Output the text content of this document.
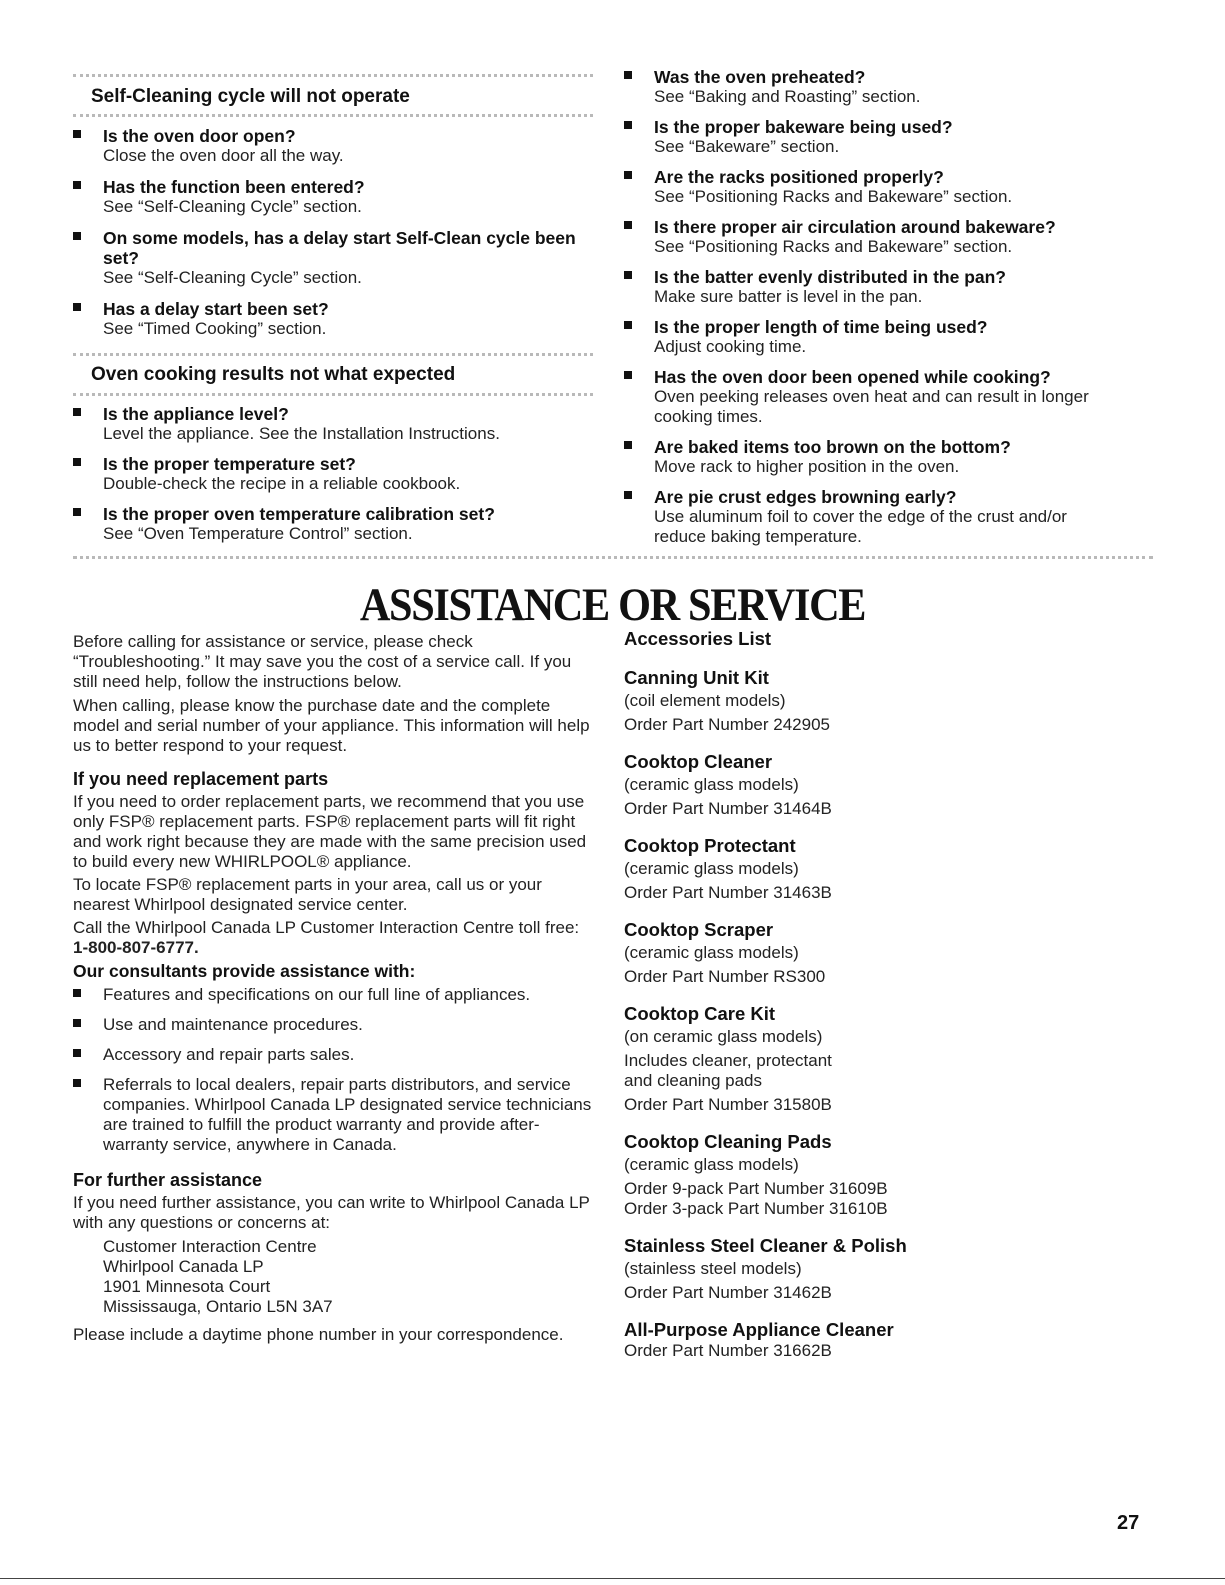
Self-Cleaning cycle will not operate
Is the oven door open?
Close the oven door all the way.
Has the function been entered?
See “Self-Cleaning Cycle” section.
On some models, has a delay start Self-Clean cycle been set?
See “Self-Cleaning Cycle” section.
Has a delay start been set?
See “Timed Cooking” section.
Oven cooking results not what expected
Is the appliance level?
Level the appliance. See the Installation Instructions.
Is the proper temperature set?
Double-check the recipe in a reliable cookbook.
Is the proper oven temperature calibration set?
See “Oven Temperature Control” section.
Was the oven preheated?
See “Baking and Roasting” section.
Is the proper bakeware being used?
See “Bakeware” section.
Are the racks positioned properly?
See “Positioning Racks and Bakeware” section.
Is there proper air circulation around bakeware?
See “Positioning Racks and Bakeware” section.
Is the batter evenly distributed in the pan?
Make sure batter is level in the pan.
Is the proper length of time being used?
Adjust cooking time.
Has the oven door been opened while cooking?
Oven peeking releases oven heat and can result in longer cooking times.
Are baked items too brown on the bottom?
Move rack to higher position in the oven.
Are pie crust edges browning early?
Use aluminum foil to cover the edge of the crust and/or reduce baking temperature.
ASSISTANCE OR SERVICE
Before calling for assistance or service, please check “Troubleshooting.” It may save you the cost of a service call. If you still need help, follow the instructions below.
When calling, please know the purchase date and the complete model and serial number of your appliance. This information will help us to better respond to your request.
If you need replacement parts
If you need to order replacement parts, we recommend that you use only FSP® replacement parts. FSP® replacement parts will fit right and work right because they are made with the same precision used to build every new WHIRLPOOL® appliance.
To locate FSP® replacement parts in your area, call us or your nearest Whirlpool designated service center.
Call the Whirlpool Canada LP Customer Interaction Centre toll free: 1-800-807-6777.
Our consultants provide assistance with:
Features and specifications on our full line of appliances.
Use and maintenance procedures.
Accessory and repair parts sales.
Referrals to local dealers, repair parts distributors, and service companies. Whirlpool Canada LP designated service technicians are trained to fulfill the product warranty and provide after-warranty service, anywhere in Canada.
For further assistance
If you need further assistance, you can write to Whirlpool Canada LP with any questions or concerns at:
Customer Interaction Centre
Whirlpool Canada LP
1901 Minnesota Court
Mississauga, Ontario L5N 3A7
Please include a daytime phone number in your correspondence.
Accessories List
Canning Unit Kit
(coil element models)
Order Part Number 242905
Cooktop Cleaner
(ceramic glass models)
Order Part Number 31464B
Cooktop Protectant
(ceramic glass models)
Order Part Number 31463B
Cooktop Scraper
(ceramic glass models)
Order Part Number RS300
Cooktop Care Kit
(on ceramic glass models)
Includes cleaner, protectant and cleaning pads
Order Part Number 31580B
Cooktop Cleaning Pads
(ceramic glass models)
Order 9-pack Part Number 31609B
Order 3-pack Part Number 31610B
Stainless Steel Cleaner & Polish
(stainless steel models)
Order Part Number 31462B
All-Purpose Appliance Cleaner
Order Part Number 31662B
27
